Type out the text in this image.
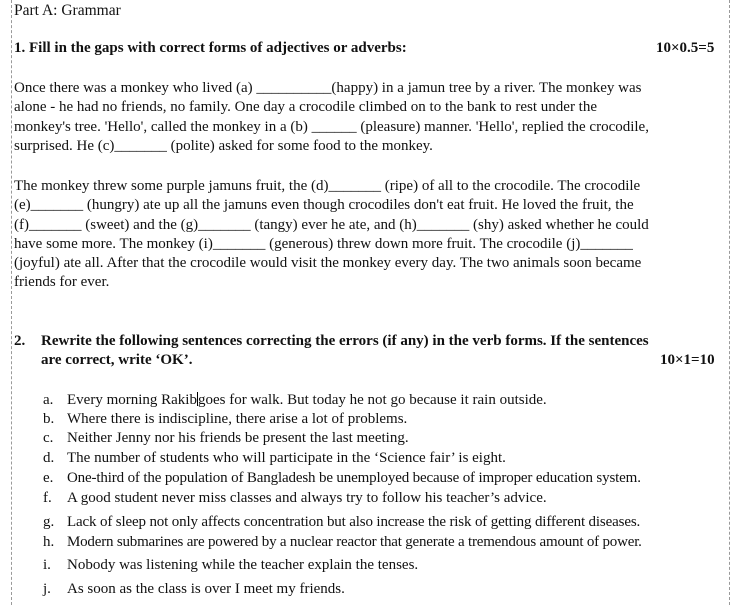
Part A: Grammar
1. Fill in the gaps with correct forms of adjectives or adverbs:	10×0.5=5
Once there was a monkey who lived (a) __________(happy) in a jamun tree by a river. The monkey was
alone - he had no friends, no family. One day a crocodile climbed on to the bank to rest under the
monkey's tree. 'Hello', called the monkey in a (b) ______ (pleasure) manner. 'Hello', replied the crocodile,
surprised. He (c)_______ (polite) asked for some food to the monkey.
The monkey threw some purple jamuns fruit, the (d)_______ (ripe) of all to the crocodile. The crocodile
(e)_______ (hungry) ate up all the jamuns even though crocodiles don't eat fruit. He loved the fruit, the
(f)_______ (sweet) and the (g)_______ (tangy) ever he ate, and (h)_______ (shy) asked whether he could
have some more. The monkey (i)_______ (generous) threw down more fruit. The crocodile (j)_______
(joyful) ate all. After that the crocodile would visit the monkey every day. The two animals soon became
friends for ever.
2. Rewrite the following sentences correcting the errors (if any) in the verb forms. If the sentences
are correct, write ‘OK’.	10×1=10
a. Every morning Rakibgoes for walk. But today he not go because it rain outside.
b. Where there is indiscipline, there arise a lot of problems.
c. Neither Jenny nor his friends be present the last meeting.
d. The number of students who will participate in the ‘Science fair’ is eight.
e. One-third of the population of Bangladesh be unemployed because of improper education system.
f. A good student never miss classes and always try to follow his teacher’s advice.
g. Lack of sleep not only affects concentration but also increase the risk of getting different diseases.
h. Modern submarines are powered by a nuclear reactor that generate a tremendous amount of power.
i. Nobody was listening while the teacher explain the tenses.
j. As soon as the class is over I meet my friends.
